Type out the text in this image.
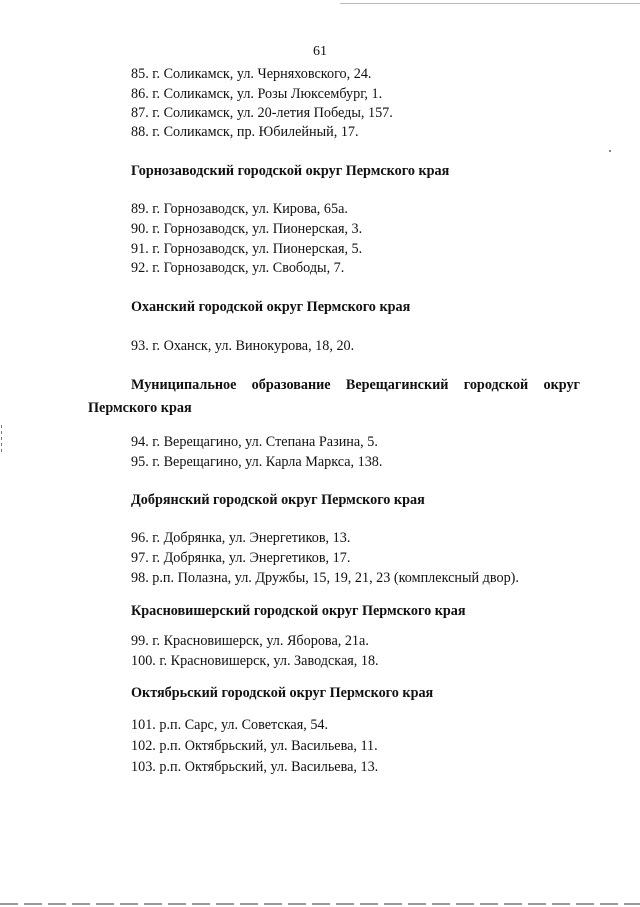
61
85. г. Соликамск, ул. Черняховского, 24.
86. г. Соликамск, ул. Розы Люксембург, 1.
87. г. Соликамск, ул. 20-летия Победы, 157.
88. г. Соликамск, пр. Юбилейный, 17.
Горнозаводский городской округ Пермского края
89. г. Горнозаводск, ул. Кирова, 65а.
90. г. Горнозаводск, ул. Пионерская, 3.
91. г. Горнозаводск, ул. Пионерская, 5.
92. г. Горнозаводск, ул. Свободы, 7.
Оханский городской округ Пермского края
93. г. Оханск, ул. Винокурова, 18, 20.
Муниципальное образование Верещагинский городской округ
Пермского края
94. г. Верещагино, ул. Степана Разина, 5.
95. г. Верещагино, ул. Карла Маркса, 138.
Добрянский городской округ Пермского края
96. г. Добрянка, ул. Энергетиков, 13.
97. г. Добрянка, ул. Энергетиков, 17.
98. р.п. Полазна, ул. Дружбы, 15, 19, 21, 23 (комплексный двор).
Красновишерский городской округ Пермского края
99. г. Красновишерск, ул. Яборова, 21а.
100. г. Красновишерск, ул. Заводская, 18.
Октябрьский городской округ Пермского края
101. р.п. Сарс, ул. Советская, 54.
102. р.п. Октябрьский, ул. Васильева, 11.
103. р.п. Октябрьский, ул. Васильева, 13.
